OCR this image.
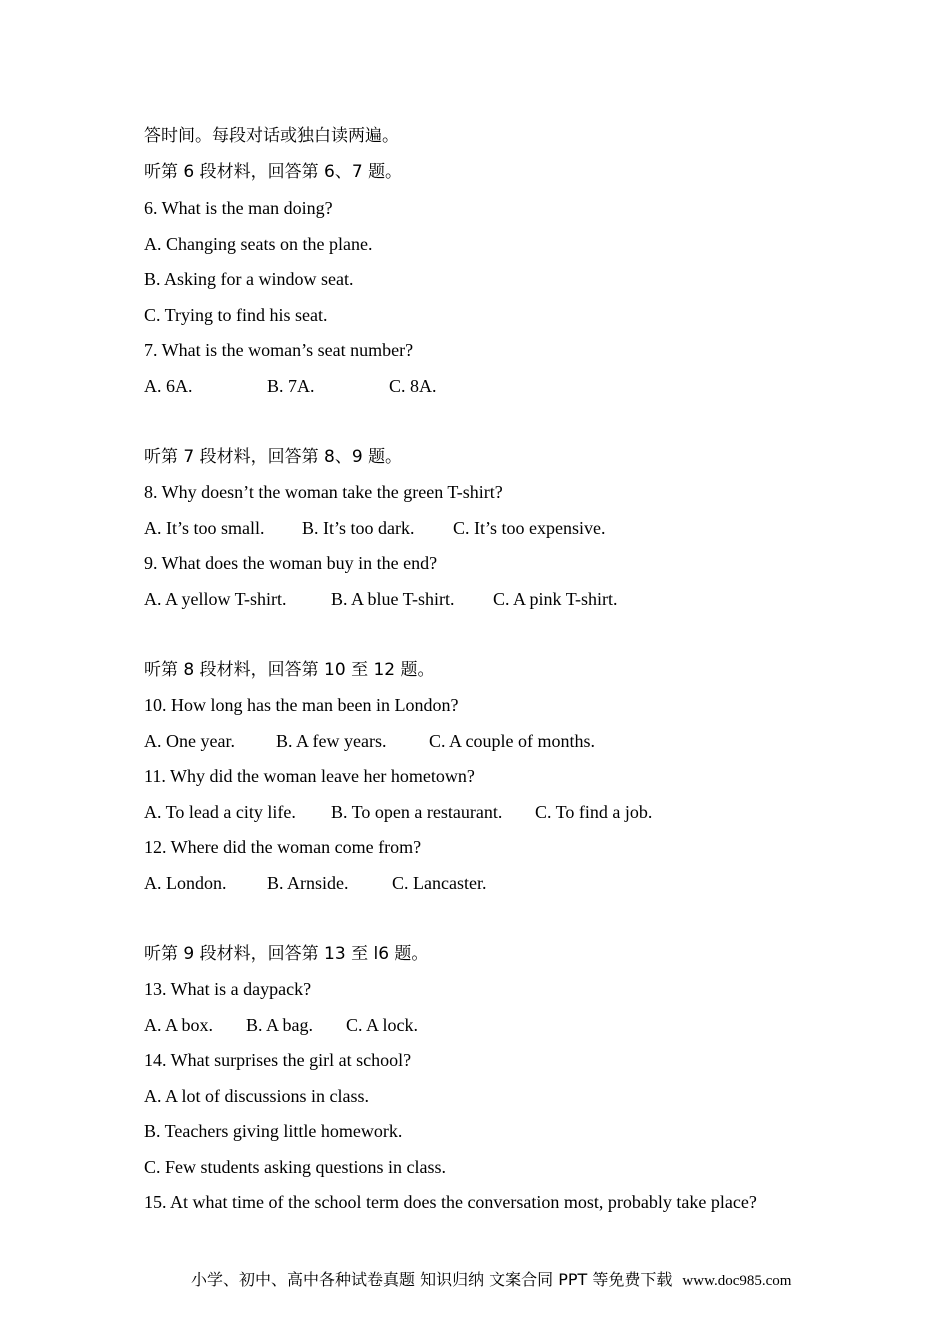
答时间。每段对话或独白读两遍。
听第 6 段材料，回答第 6、7 题。
6. What is the man doing?
A. Changing seats on the plane.
B. Asking for a window seat.
C. Trying to find his seat.
7. What is the woman’s seat number?

A. 6A.

	B. 7A.

	C. 8A.

听第 7 段材料，回答第 8、9 题。
8. Why doesn’t the woman take the green T-shirt?

A. It’s too small.

B. It’s too dark.

C. It’s too expensive.

9. What does the woman buy in the end?

A. A yellow T-shirt.

B. A blue T-shirt.

C. A pink T-shirt.

听第 8 段材料，回答第 10 至 12 题。
10. How long has the man been in London?

A. One year.

B. A few years.

C. A couple of months.

11. Why did the woman leave her hometown?

A. To lead a city life.

B. To open a restaurant.

C. To find a job.

12. Where did the woman come from?

A. London.

B. Arnside.

C. Lancaster.

听第 9 段材料，回答第 13 至 l6 题。
13. What is a daypack?

A. A box.

B. A bag.

C. A lock.

14. What surprises the girl at school?
A. A lot of discussions in class.
B. Teachers giving little homework.
C. Few students asking questions in class.
15. At what time of the school term does the conversation most, probably take place?

小学、初中、高中各种试卷真题 知识归纳 文案合同 PPT 等免费下载 www.doc985.com
